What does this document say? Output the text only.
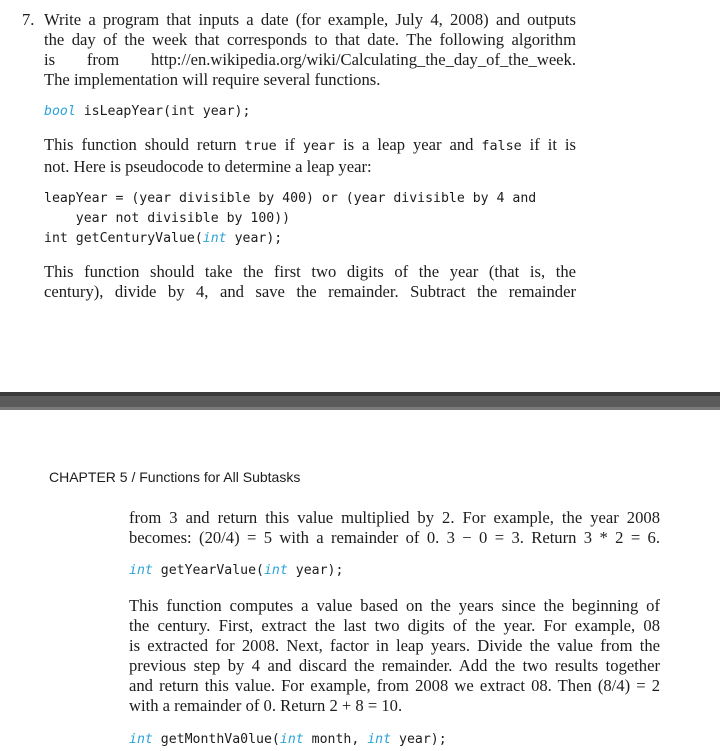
7. Write a program that inputs a date (for example, July 4, 2008) and outputs
the day of the week that corresponds to that date. The following algorithm
is from http://en.wikipedia.org/wiki/Calculating_the_day_of_the_week.
The implementation will require several functions.
bool isLeapYear(int year);
This function should return true if year is a leap year and false if it is
not. Here is pseudocode to determine a leap year:
leapYear = (year divisible by 400) or (year divisible by 4 and
year not divisible by 100))
int getCenturyValue(int year);
This function should take the first two digits of the year (that is, the
century), divide by 4, and save the remainder. Subtract the remainder
CHAPTER 5 / Functions for All Subtasks
from 3 and return this value multiplied by 2. For example, the year 2008
becomes: (20/4) = 5 with a remainder of 0. 3 − 0 = 3. Return 3 * 2 = 6.
int getYearValue(int year);
This function computes a value based on the years since the beginning of
the century. First, extract the last two digits of the year. For example, 08
is extracted for 2008. Next, factor in leap years. Divide the value from the
previous step by 4 and discard the remainder. Add the two results together
and return this value. For example, from 2008 we extract 08. Then (8/4) = 2
with a remainder of 0. Return 2 + 8 = 10.
int getMonthVa0lue(int month, int year);
